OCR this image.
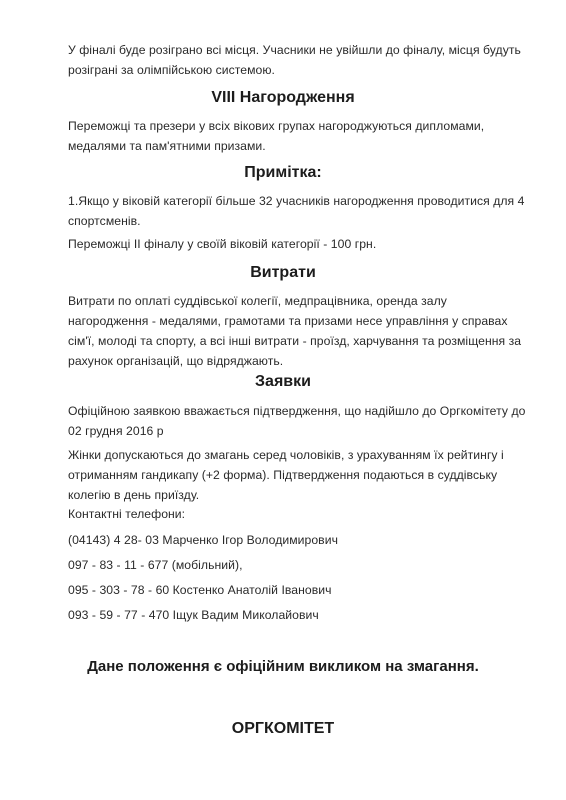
У фіналі буде розіграно всі місця. Учасники не увійшли до фіналу, місця будуть
розіграні за олімпійською системою.

VIII Нагородження

Переможці та презери у всіх вікових групах нагороджуються дипломами,
медалями та пам'ятними призами.

Примітка:

1.Якщо у віковій категорії більше 32 учасників нагородження проводитися для 4
спортсменів.

Переможці ІІ фіналу у своїй віковій категорії - 100 грн.

Витрати

Витрати по оплаті суддівської колегії, медпрацівника, оренда залу
нагородження - медалями, грамотами та призами несе управління у справах
сім'ї, молоді та спорту, а всі інші витрати - проїзд, харчування та розміщення за
рахунок організацій, що відряджають.

Заявки

Офіційною заявкою вважається підтвердження, що надійшло до Оргкомітету до
02 грудня 2016 р

Жінки допускаються до змагань серед чоловіків, з урахуванням їх рейтингу і
отриманням гандикапу (+2 форма). Підтвердження подаються в суддівську
колегію в день приїзду.

Контактні телефони:

(04143) 4 28- 03 Марченко Ігор Володимирович

097 - 83 - 11 - 677 (мобільний),

095 - 303 - 78 - 60 Костенко Анатолій Іванович

093 - 59 - 77 - 470 Іщук Вадим Миколайович

Дане положення є офіційним викликом на змагання.
ОРГКОМІТЕТ
